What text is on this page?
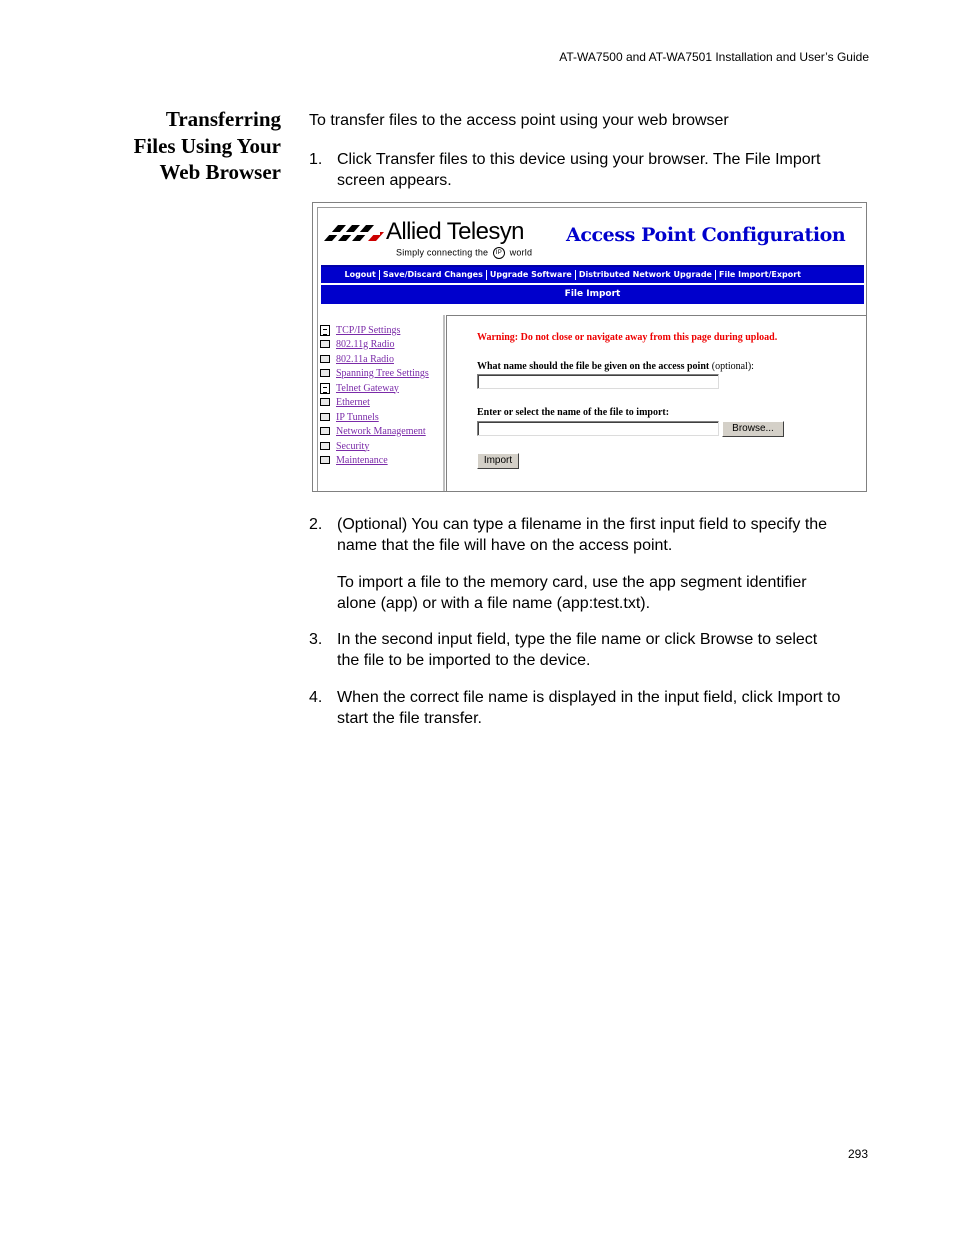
AT-WA7500 and AT-WA7501 Installation and User’s Guide
Transferring
Files Using Your
Web Browser
To transfer files to the access point using your web browser
1. Click Transfer files to this device using your browser. The File Import
screen appears.
Allied Telesyn
Simply connecting the IP world
Access Point Configuration
Logout Save/Discard Changes Upgrade Software Distributed Network Upgrade File Import/Export
File Import
TCP/IP Settings
802.11g Radio
802.11a Radio
Spanning Tree Settings
Telnet Gateway
Ethernet
IP Tunnels
Network Management
Security
Maintenance
Warning: Do not close or navigate away from this page during upload.
What name should the file be given on the access point (optional):
Enter or select the name of the file to import:
Browse...
Import
2. (Optional) You can type a filename in the first input field to specify the
name that the file will have on the access point.
To import a file to the memory card, use the app segment identifier
alone (app) or with a file name (app:test.txt).
3. In the second input field, type the file name or click Browse to select
the file to be imported to the device.
4. When the correct file name is displayed in the input field, click Import to
start the file transfer.
293
